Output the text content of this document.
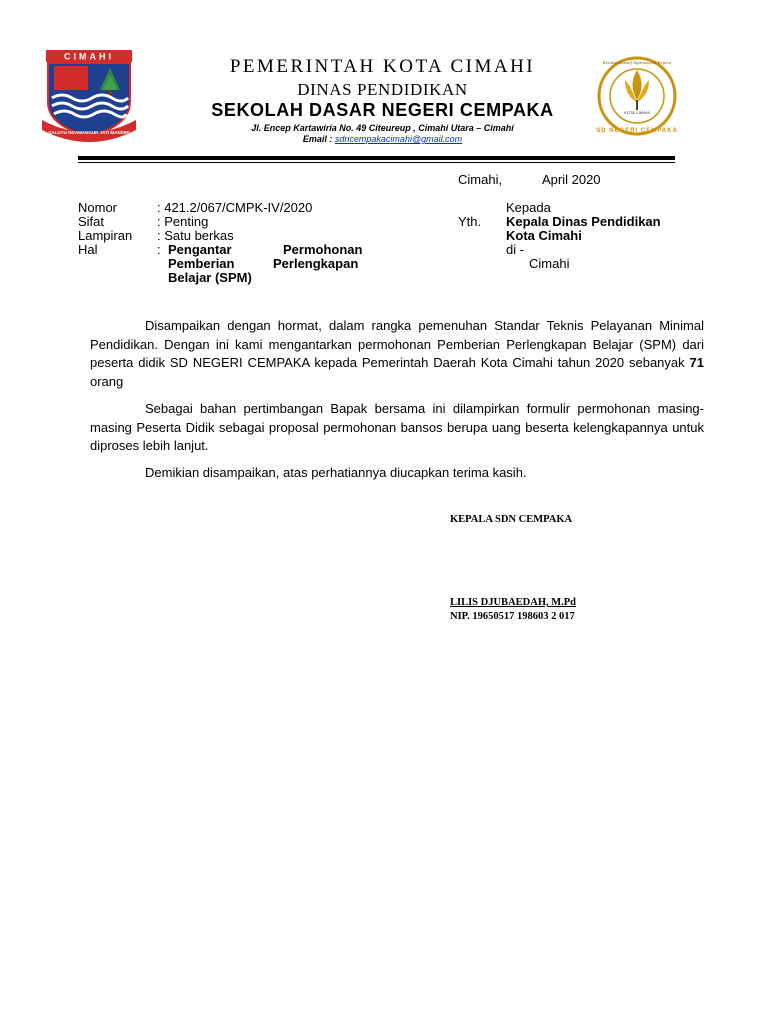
CIMAHI
SALUYU NGAWANGUN JATI MANDIRI
KOTA CIMAHI
Kerukul Insentif Aspirasional Terpera
SD NEGERI CEMPAKA
PEMERINTAH KOTA CIMAHI
DINAS PENDIDIKAN
SEKOLAH DASAR NEGERI CEMPAKA
Jl. Encep Kartawiria No. 49 Citeureup , Cimahi Utara – Cimahi
Email : sdncempakacimahi@gmail.com
Cimahi,	April 2020
Nomor	: 421.2/067/CMPK-IV/2020
Sifat	: Penting
Lampiran : Satu berkas
Hal	: Pengantar	Permohonan
Pemberian	Perlengkapan
Belajar (SPM)
Kepada
Yth. Kepala Dinas Pendidikan
Kota Cimahi
di -
Cimahi
Disampaikan dengan hormat, dalam rangka pemenuhan Standar Teknis Pelayanan Minimal Pendidikan. Dengan ini kami mengantarkan permohonan Pemberian Perlengkapan Belajar (SPM) dari peserta didik SD NEGERI CEMPAKA kepada Pemerintah Daerah Kota Cimahi tahun 2020 sebanyak 71 orang
Sebagai bahan pertimbangan Bapak bersama ini dilampirkan formulir permohonan masing-masing Peserta Didik sebagai proposal permohonan bansos berupa uang beserta kelengkapannya untuk diproses lebih lanjut.
Demikian disampaikan, atas perhatiannya diucapkan terima kasih.
KEPALA SDN CEMPAKA
LILIS DJUBAEDAH, M.Pd
NIP. 19650517 198603 2 017
